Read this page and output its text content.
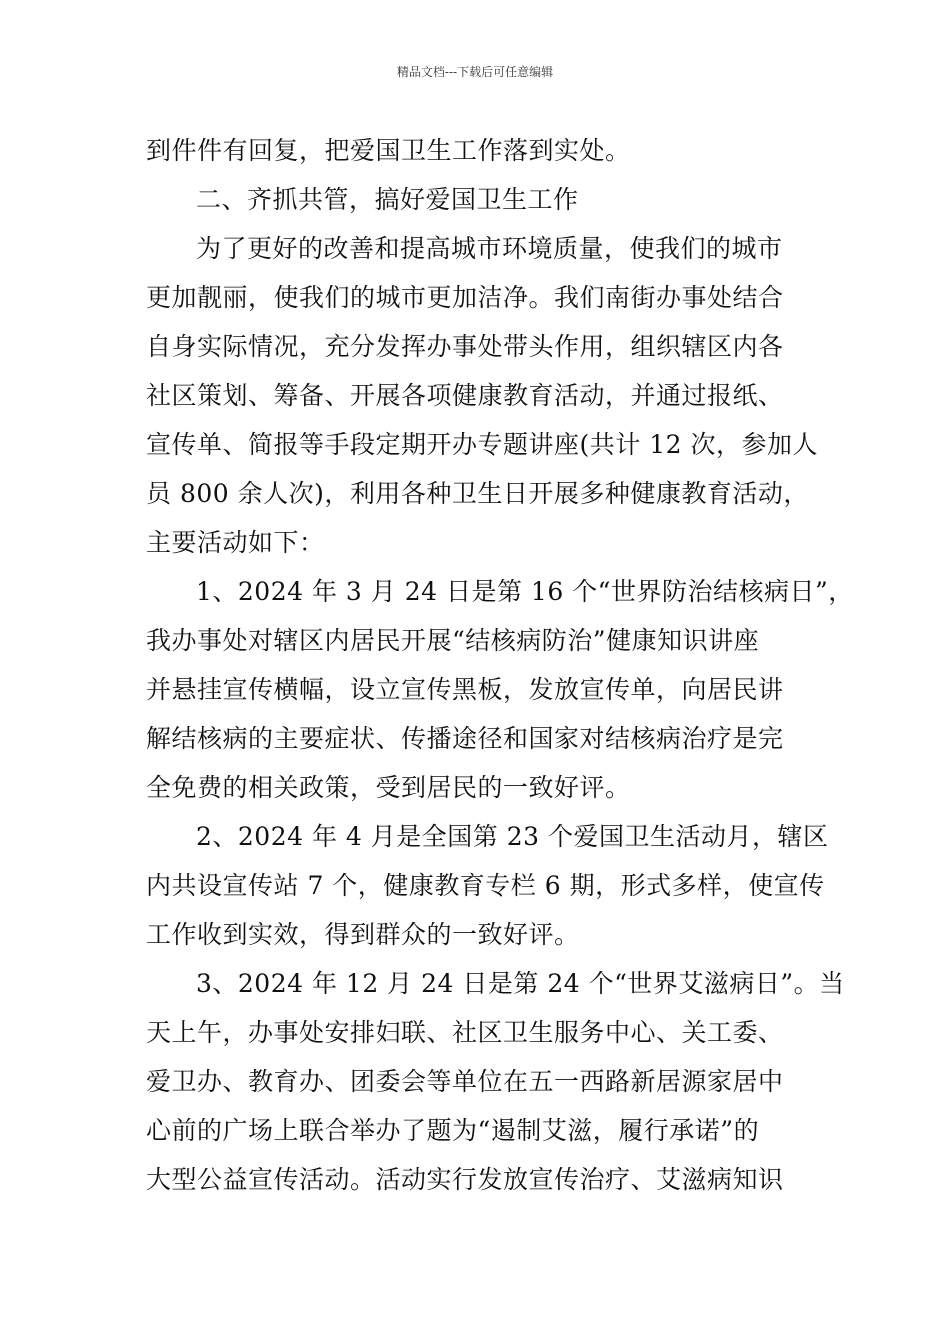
精品文档---下载后可任意编辑
到件件有回复，把爱国卫生工作落到实处。
二、齐抓共管，搞好爱国卫生工作
为了更好的改善和提高城市环境质量，使我们的城市
更加靓丽，使我们的城市更加洁净。我们南街办事处结合
自身实际情况，充分发挥办事处带头作用，组织辖区内各
社区策划、筹备、开展各项健康教育活动，并通过报纸、
宣传单、简报等手段定期开办专题讲座(共计 12 次，参加人
员 800 余人次)，利用各种卫生日开展多种健康教育活动，
主要活动如下：
1、2024 年 3 月 24 日是第 16 个“世界防治结核病日”，
我办事处对辖区内居民开展“结核病防治”健康知识讲座
并悬挂宣传横幅，设立宣传黑板，发放宣传单，向居民讲
解结核病的主要症状、传播途径和国家对结核病治疗是完
全免费的相关政策，受到居民的一致好评。
2、2024 年 4 月是全国第 23 个爱国卫生活动月，辖区
内共设宣传站 7 个，健康教育专栏 6 期，形式多样，使宣传
工作收到实效，得到群众的一致好评。
3、2024 年 12 月 24 日是第 24 个“世界艾滋病日”。当
天上午，办事处安排妇联、社区卫生服务中心、关工委、
爱卫办、教育办、团委会等单位在五一西路新居源家居中
心前的广场上联合举办了题为“遏制艾滋，履行承诺”的
大型公益宣传活动。活动实行发放宣传治疗、艾滋病知识
